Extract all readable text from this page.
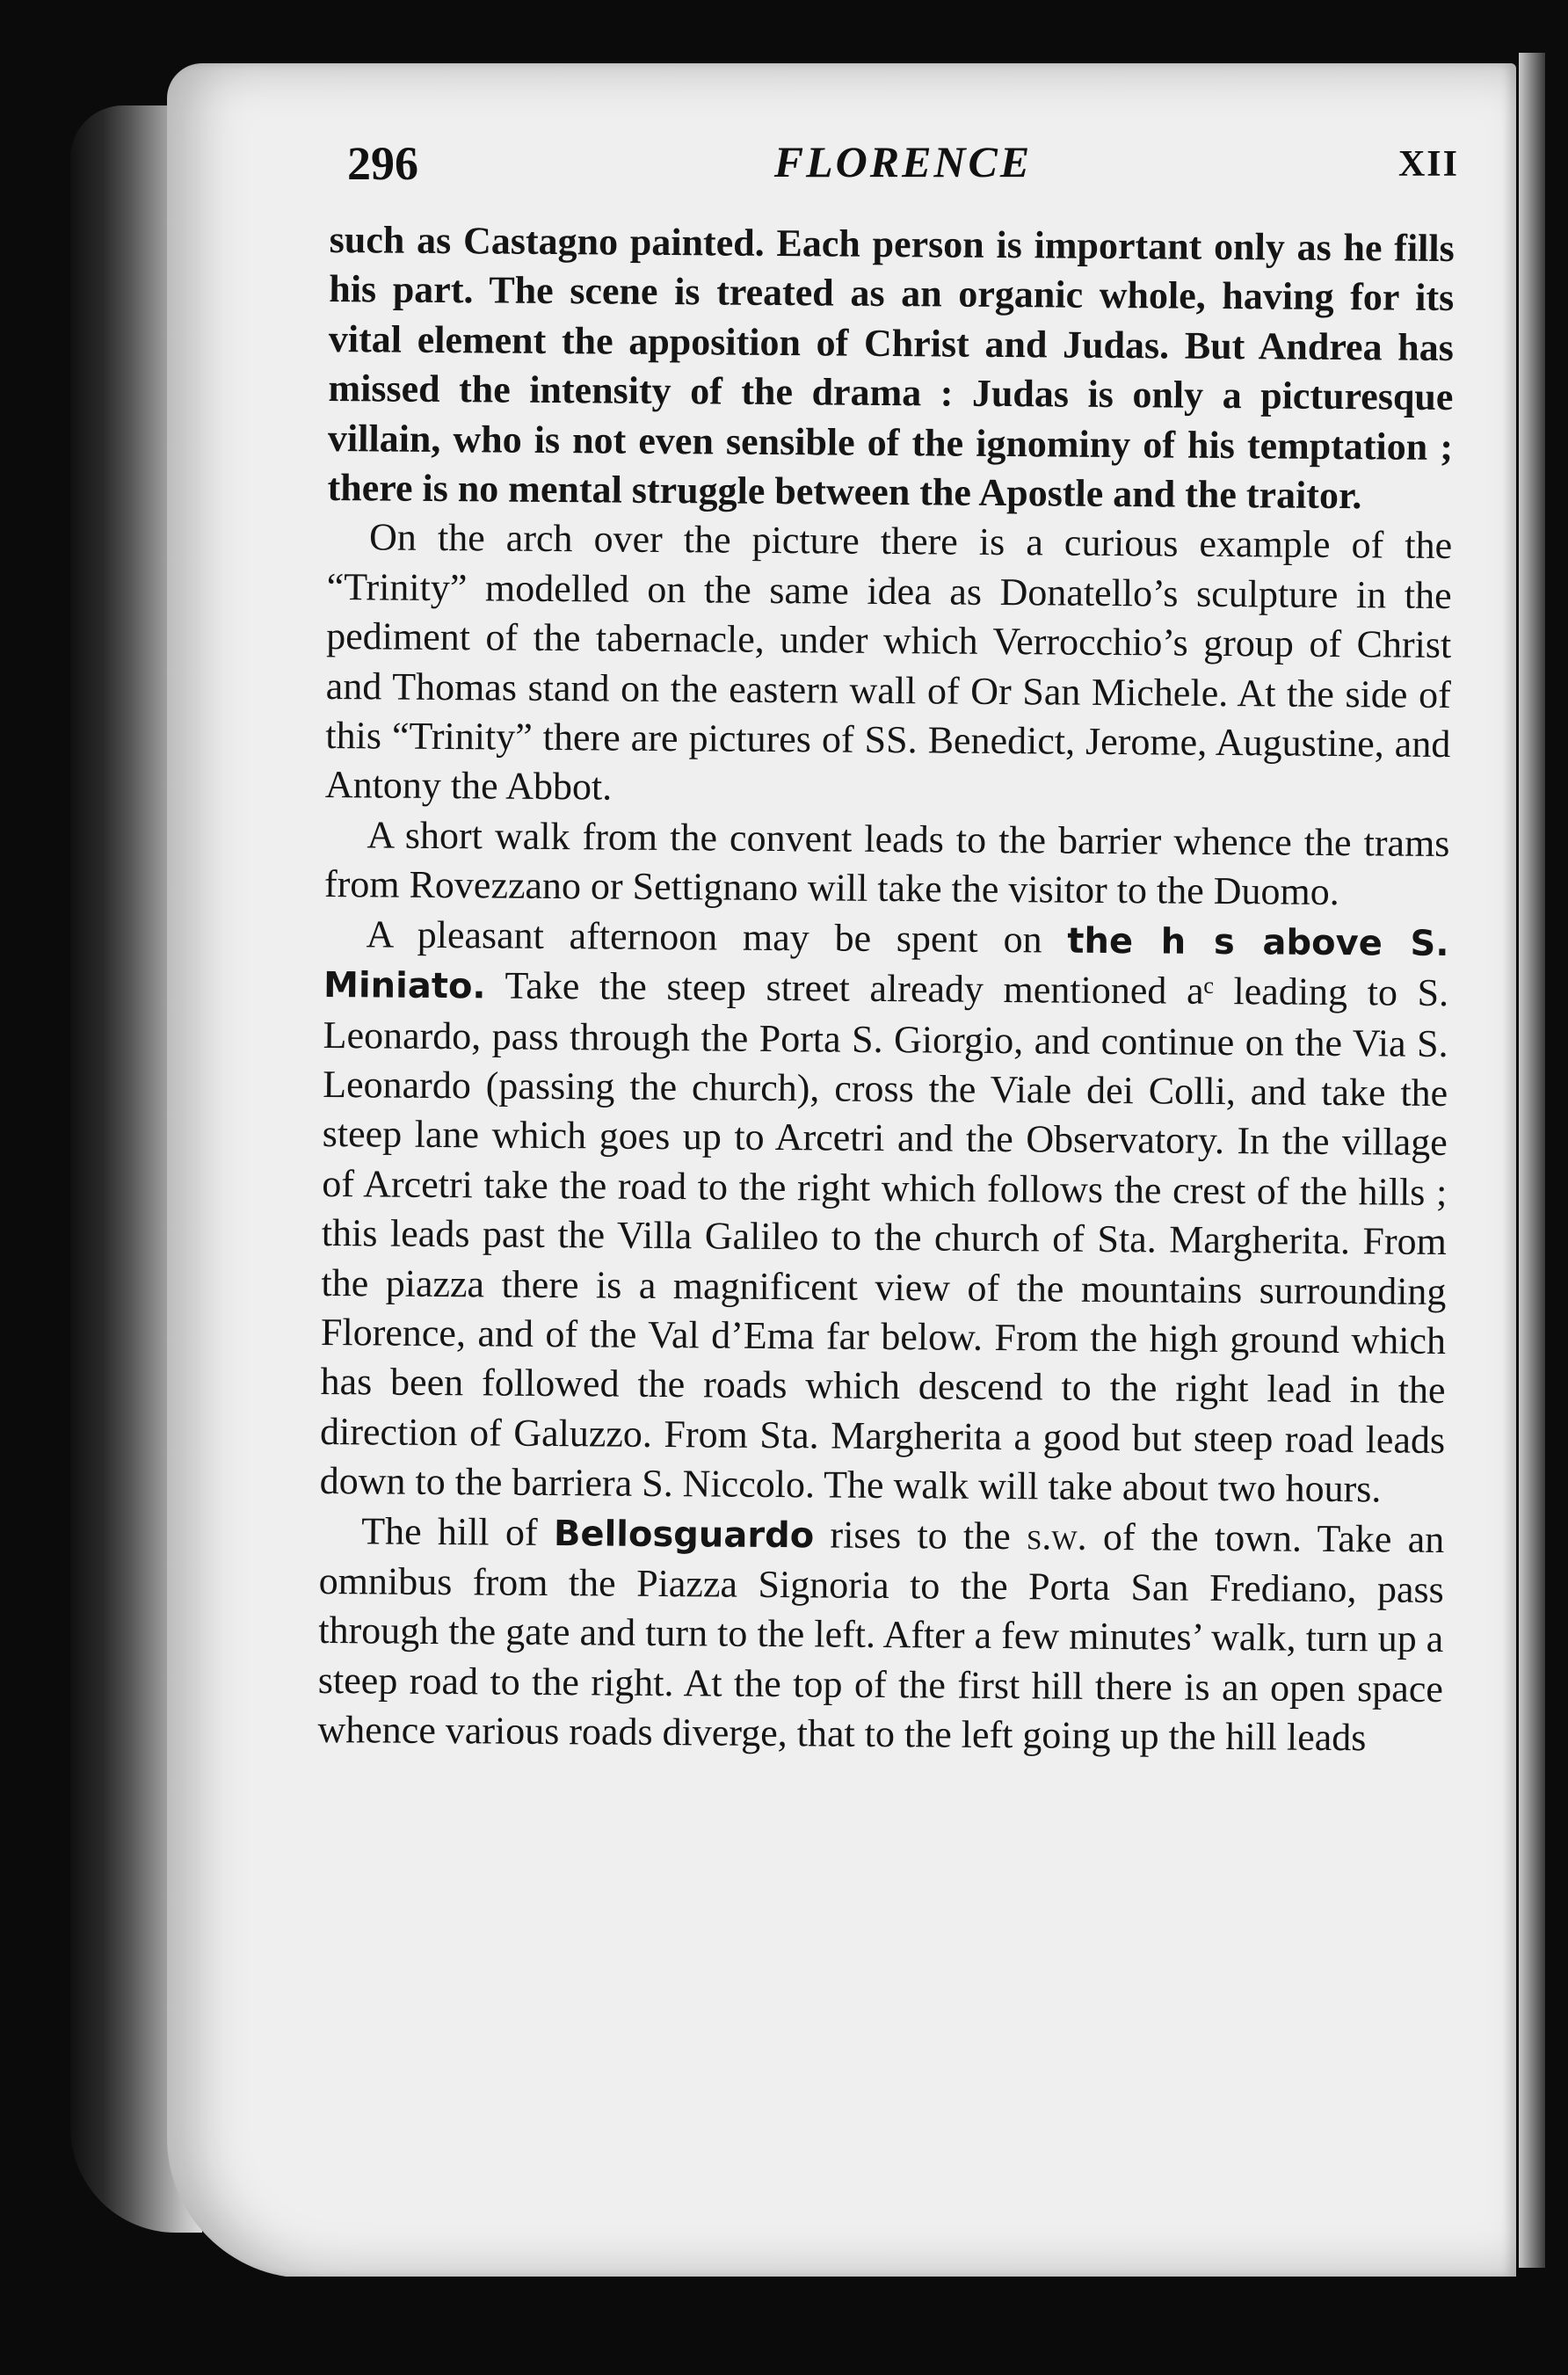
296	FLORENCE	XII

such as Castagno painted. Each person is important only as he fills his part. The scene is treated as an organic whole, having for its vital element the apposition of Christ and Judas. But Andrea has missed the intensity of the drama : Judas is only a picturesque villain, who is not even sensible of the ignominy of his temptation ; there is no mental struggle between the Apostle and the traitor.

On the arch over the picture there is a curious example of the “Trinity” modelled on the same idea as Donatello’s sculpture in the pediment of the tabernacle, under which Verrocchio’s group of Christ and Thomas stand on the eastern wall of Or San Michele. At the side of this “Trinity” there are pictures of SS. Benedict, Jerome, Augustine, and Antony the Abbot.

A short walk from the convent leads to the barrier whence the trams from Rovezzano or Settignano will take the visitor to the Duomo.

A pleasant afternoon may be spent on the h s above S. Miniato. Take the steep street already mentioned aᶜ leading to S. Leonardo, pass through the Porta S. Giorgio, and continue on the Via S. Leonardo (passing the church), cross the Viale dei Colli, and take the steep lane which goes up to Arcetri and the Observatory. In the village of Arcetri take the road to the right which follows the crest of the hills ; this leads past the Villa Galileo to the church of Sta. Margherita. From the piazza there is a magnificent view of the mountains surrounding Florence, and of the Val d’Ema far below. From the high ground which has been followed the roads which descend to the right lead in the direction of Galuzzo. From Sta. Margherita a good but steep road leads down to the barriera S. Niccolo. The walk will take about two hours.

The hill of Bellosguardo rises to the s.w. of the town. Take an omnibus from the Piazza Signoria to the Porta San Frediano, pass through the gate and turn to the left. After a few minutes’ walk, turn up a steep road to the right. At the top of the first hill there is an open space whence various roads diverge, that to the left going up the hill leads
